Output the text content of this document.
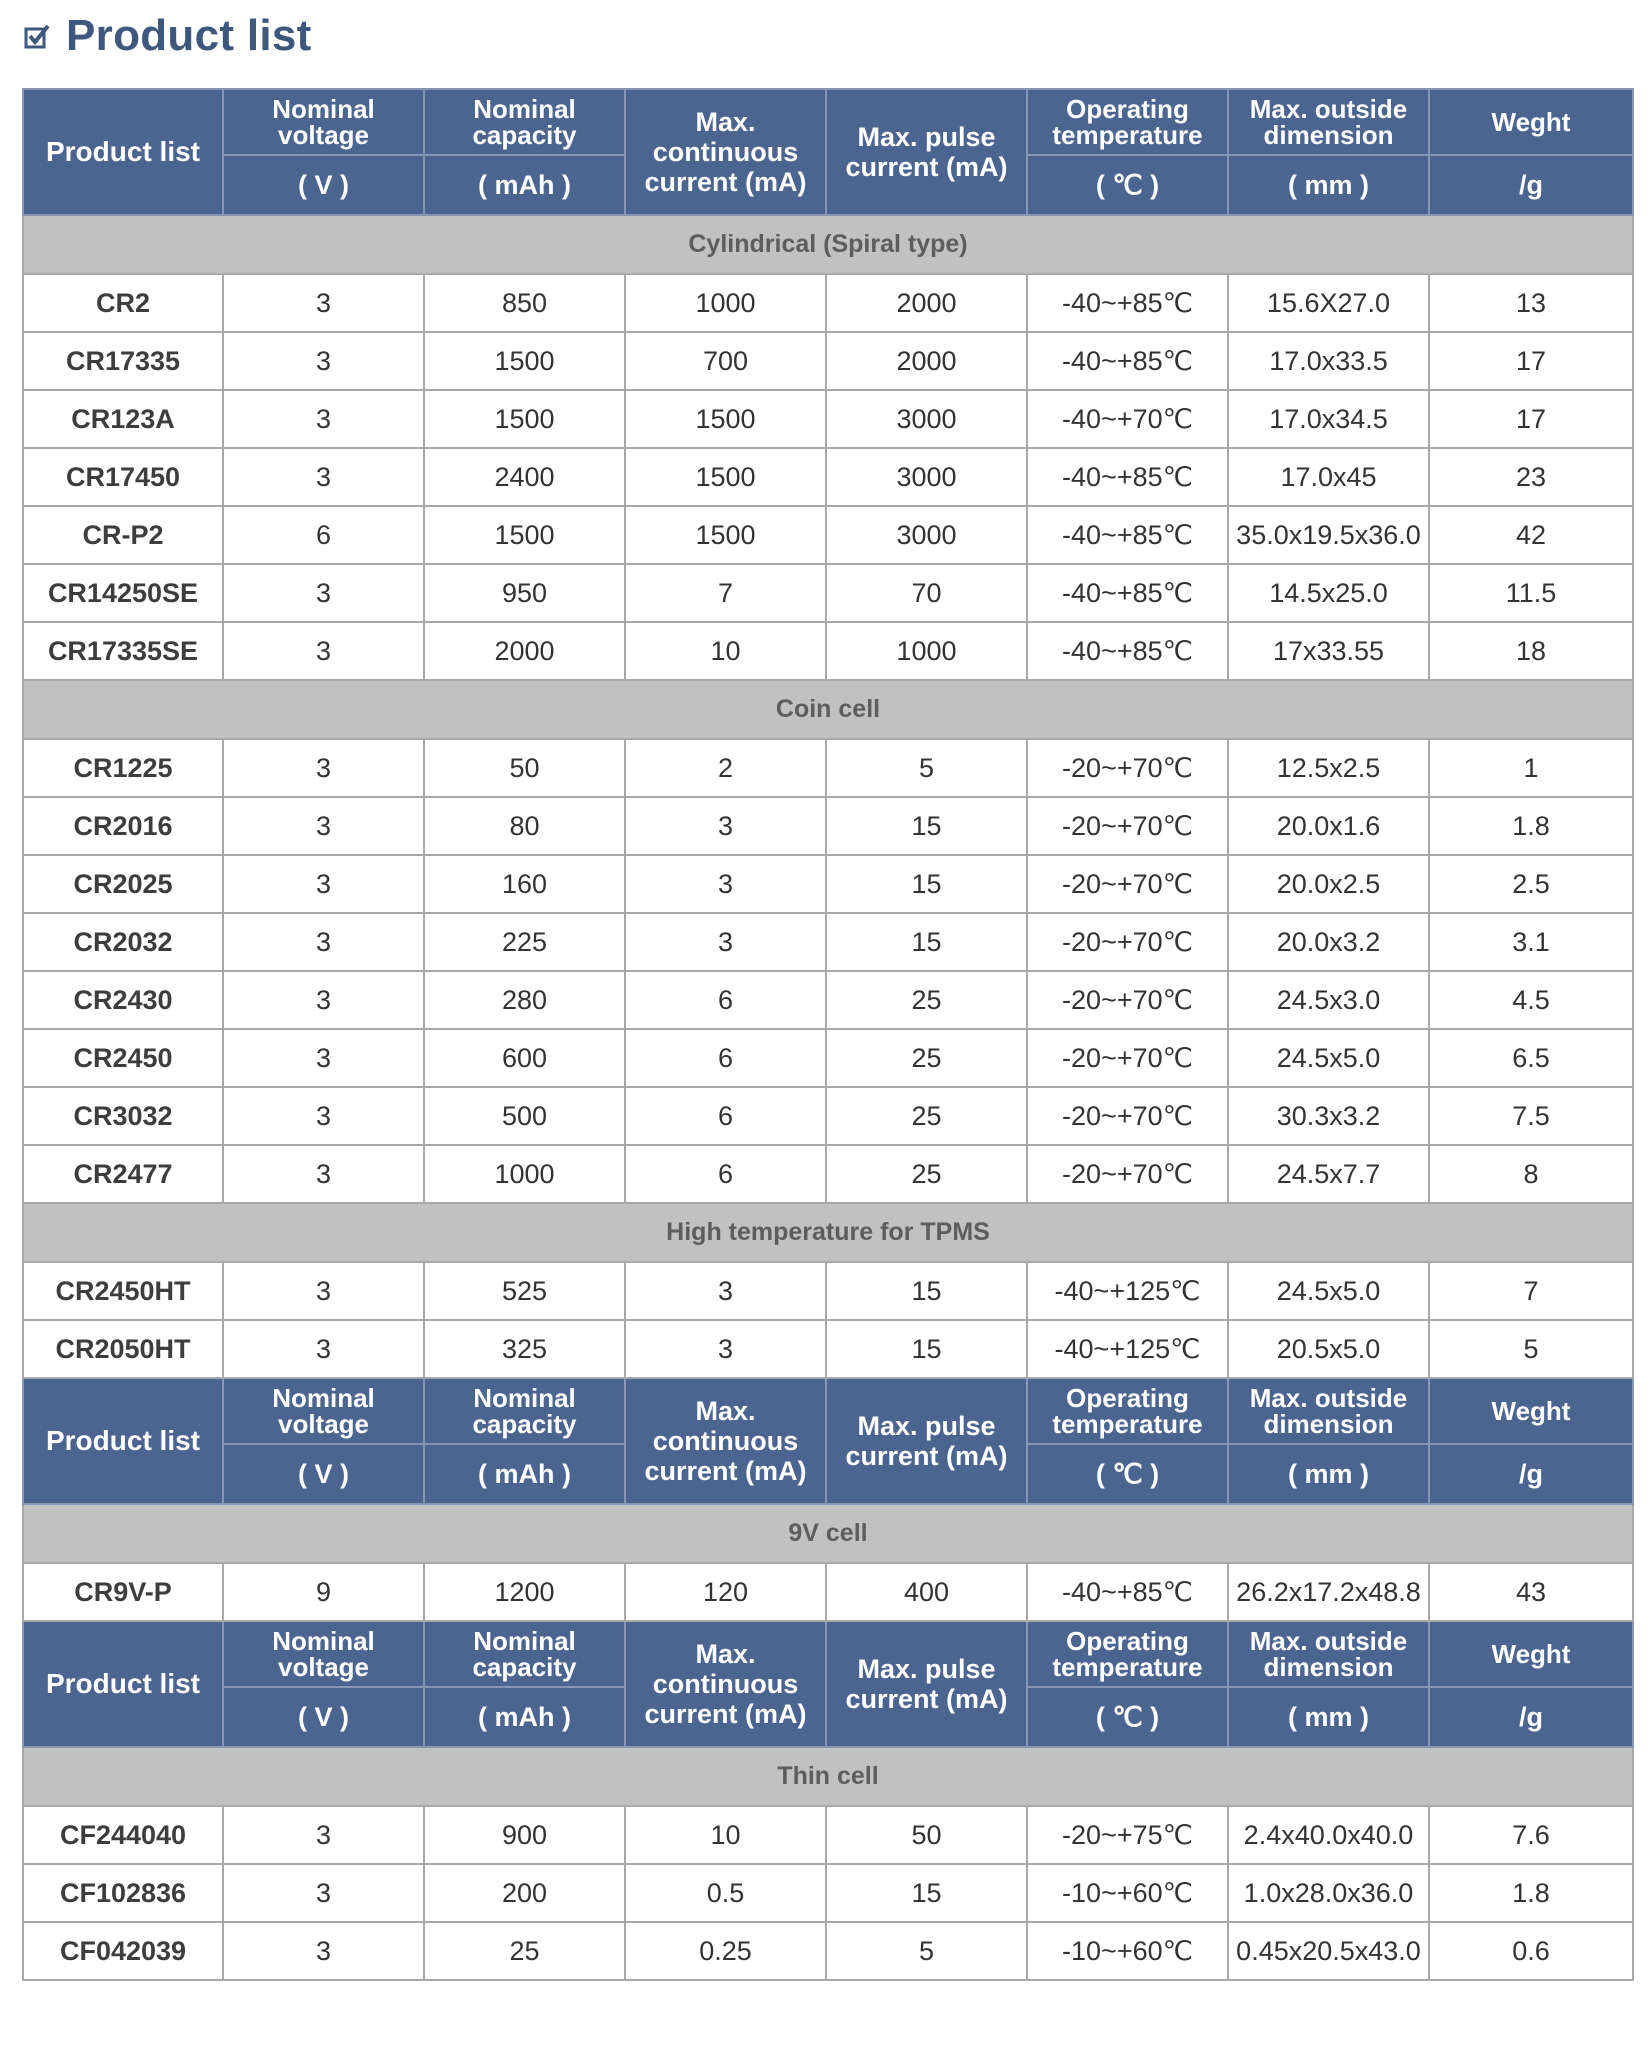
Product list
Product list	Nominal voltage	Nominal capacity	Max. continuous current (mA)	Max. pulse current (mA)	Operating temperature	Max. outside dimension	Weght
	( V )	( mAh )			( ℃ )	( mm )	/g
Cylindrical (Spiral type)							
CR2	3	850	1000	2000	-40~+85℃	15.6X27.0	13
CR17335	3	1500	700	2000	-40~+85℃	17.0x33.5	17
CR123A	3	1500	1500	3000	-40~+70℃	17.0x34.5	17
CR17450	3	2400	1500	3000	-40~+85℃	17.0x45	23
CR-P2	6	1500	1500	3000	-40~+85℃	35.0x19.5x36.0	42
CR14250SE	3	950	7	70	-40~+85℃	14.5x25.0	11.5
CR17335SE	3	2000	10	1000	-40~+85℃	17x33.55	18
Coin cell							
CR1225	3	50	2	5	-20~+70℃	12.5x2.5	1
CR2016	3	80	3	15	-20~+70℃	20.0x1.6	1.8
CR2025	3	160	3	15	-20~+70℃	20.0x2.5	2.5
CR2032	3	225	3	15	-20~+70℃	20.0x3.2	3.1
CR2430	3	280	6	25	-20~+70℃	24.5x3.0	4.5
CR2450	3	600	6	25	-20~+70℃	24.5x5.0	6.5
CR3032	3	500	6	25	-20~+70℃	30.3x3.2	7.5
CR2477	3	1000	6	25	-20~+70℃	24.5x7.7	8
High temperature for TPMS							
CR2450HT	3	525	3	15	-40~+125℃	24.5x5.0	7
CR2050HT	3	325	3	15	-40~+125℃	20.5x5.0	5
Product list	Nominal voltage	Nominal capacity	Max. continuous current (mA)	Max. pulse current (mA)	Operating temperature	Max. outside dimension	Weght
	( V )	( mAh )			( ℃ )	( mm )	/g
9V cell							
CR9V-P	9	1200	120	400	-40~+85℃	26.2x17.2x48.8	43
Product list	Nominal voltage	Nominal capacity	Max. continuous current (mA)	Max. pulse current (mA)	Operating temperature	Max. outside dimension	Weght
	( V )	( mAh )			( ℃ )	( mm )	/g
Thin cell							
CF244040	3	900	10	50	-20~+75℃	2.4x40.0x40.0	7.6
CF102836	3	200	0.5	15	-10~+60℃	1.0x28.0x36.0	1.8
CF042039	3	25	0.25	5	-10~+60℃	0.45x20.5x43.0	0.6
